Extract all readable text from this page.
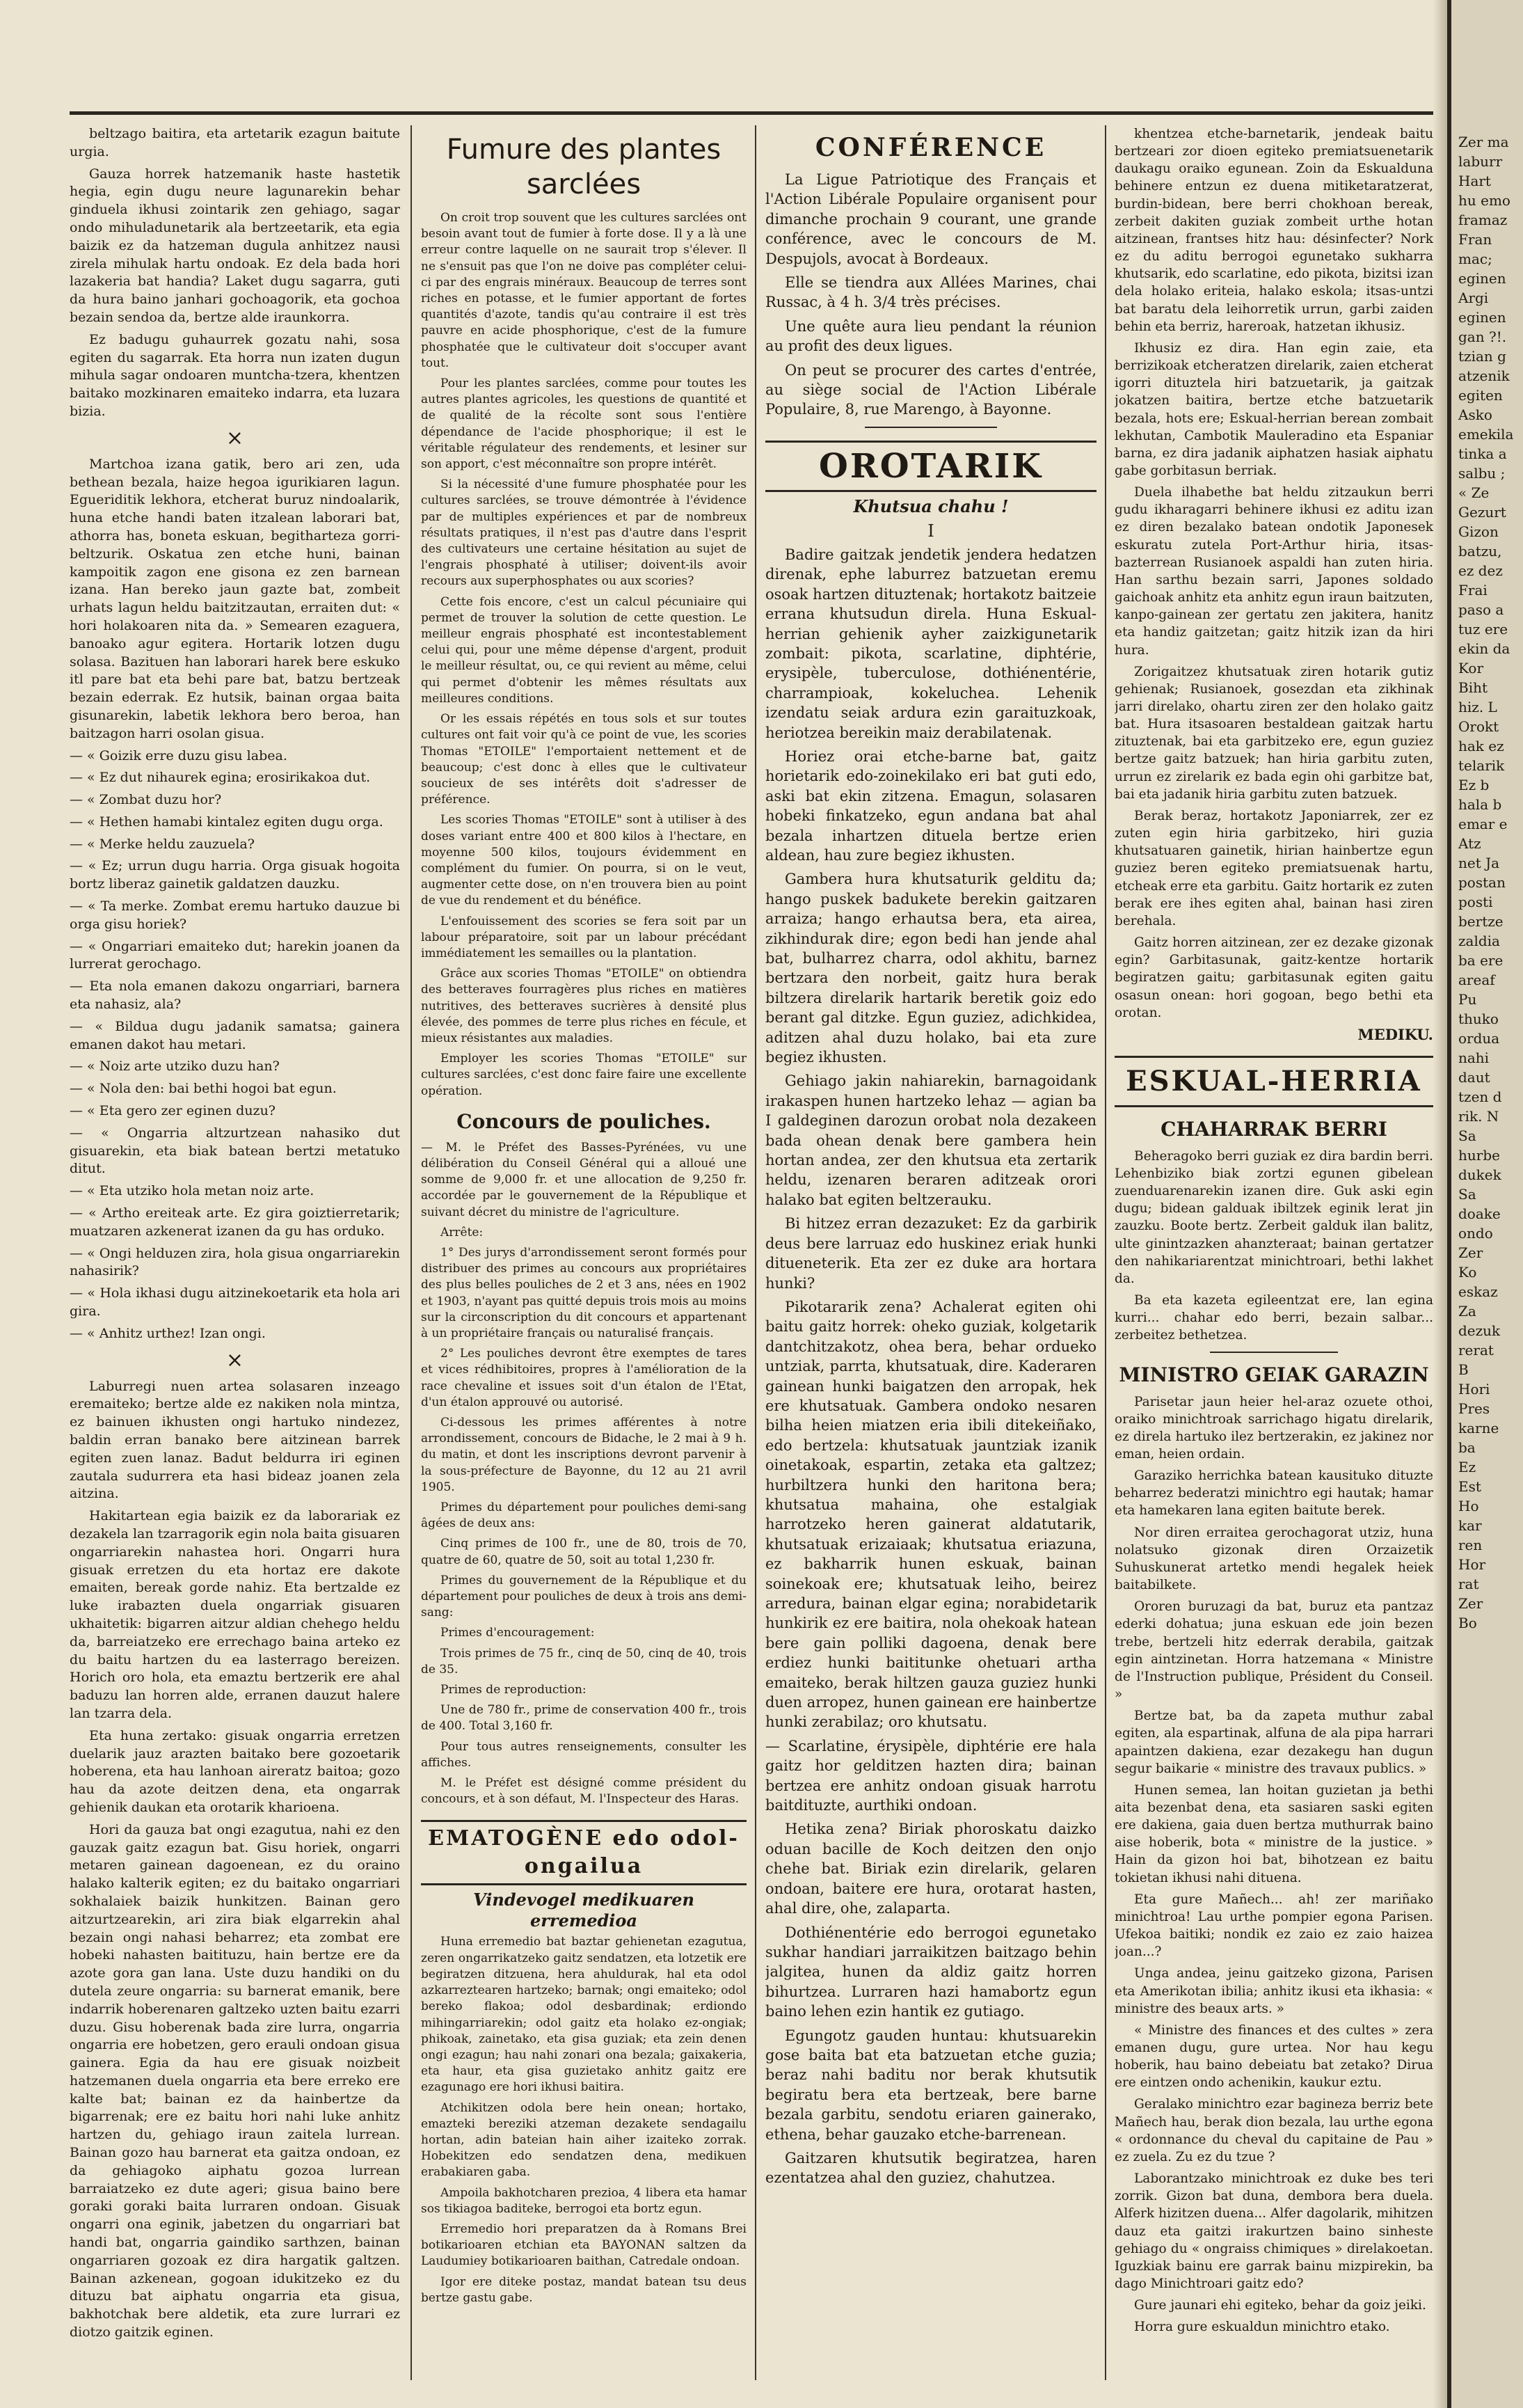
beltzago baitira, eta artetarik ezagun baitute urgia.

Gauza horrek hatzemanik haste hastetik hegia, egin dugu neure lagunarekin behar ginduela ikhusi zointarik zen gehiago, sagar ondo mihuladunetarik ala bertzeetarik, eta egia baizik ez da hatzeman dugula anhitzez nausi zirela mihulak hartu ondoak. Ez dela bada hori lazakeria bat handia? Laket dugu sagarra, guti da hura baino janhari gochoagorik, eta gochoa bezain sendoa da, bertze alde iraunkorra.

Ez badugu guhaurrek gozatu nahi, sosa egiten du sagarrak. Eta horra nun izaten dugun mihula sagar ondoaren muntcha-tzera, khentzen baitako mozkinaren emaiteko indarra, eta luzara bizia.

×

Martchoa izana gatik, bero ari zen, uda bethean bezala, haize hegoa igurikiaren lagun. Egueriditik lekhora, etcherat buruz nindoalarik, huna etche handi baten itzalean laborari bat, athorra has, boneta eskuan, begitharteza gorri-beltzurik. Oskatua zen etche huni, bainan kampoitik zagon ene gisona ez zen barnean izana. Han bereko jaun gazte bat, zombeit urhats lagun heldu baitzitzautan, erraiten dut: « hori holakoaren nita da. » Semearen ezaguera, banoako agur egitera. Hortarik lotzen dugu solasa. Bazituen han laborari harek bere eskuko itl pare bat eta behi pare bat, batzu bertzeak bezain ederrak. Ez hutsik, bainan orgaa baita gisunarekin, labetik lekhora bero beroa, han baitzagon harri osolan gisua.

— « Goizik erre duzu gisu labea.

— « Ez dut nihaurek egina; erosirikakoa dut.

— « Zombat duzu hor?

— « Hethen hamabi kintalez egiten dugu orga.

— « Merke heldu zauzuela?

— « Ez; urrun dugu harria. Orga gisuak hogoita bortz liberaz gainetik galdatzen dauzku.

— « Ta merke. Zombat eremu hartuko dauzue bi orga gisu horiek?

— « Ongarriari emaiteko dut; harekin joanen da lurrerat gerochago.

— Eta nola emanen dakozu ongarriari, barnera eta nahasiz, ala?

— « Bildua dugu jadanik samatsa; gainera emanen dakot hau metari.

— « Noiz arte utziko duzu han?

— « Nola den: bai bethi hogoi bat egun.

— « Eta gero zer eginen duzu?

— « Ongarria altzurtzean nahasiko dut gisuarekin, eta biak batean bertzi metatuko ditut.

— « Eta utziko hola metan noiz arte.

— « Artho ereiteak arte. Ez gira goiztierretarik; muatzaren azkenerat izanen da gu has orduko.

— « Ongi helduzen zira, hola gisua ongarriarekin nahasirik?

— « Hola ikhasi dugu aitzinekoetarik eta hola ari gira.

— « Anhitz urthez! Izan ongi.

×

Laburregi nuen artea solasaren inzeago eremaiteko; bertze alde ez nakiken nola mintza, ez bainuen ikhusten ongi hartuko nindezez, baldin erran banako bere aitzinean barrek egiten zuen lanaz. Badut beldurra iri eginen zautala sudurrera eta hasi bideaz joanen zela aitzina.

Hakitartean egia baizik ez da laborariak ez dezakela lan tzarragorik egin nola baita gisuaren ongarriarekin nahastea hori. Ongarri hura gisuak erretzen du eta hortaz ere dakote emaiten, bereak gorde nahiz. Eta bertzalde ez luke irabazten duela ongarriak gisuaren ukhaitetik: bigarren aitzur aldian chehego heldu da, barreiatzeko ere errechago baina arteko ez du baitu hartzen du ea lasterrago bereizen. Horich oro hola, eta emaztu bertzerik ere ahal baduzu lan horren alde, erranen dauzut halere lan tzarra dela.

Eta huna zertako: gisuak ongarria erretzen duelarik jauz arazten baitako bere gozoetarik hoberena, eta hau lanhoan aireratz baitoa; gozo hau da azote deitzen dena, eta ongarrak gehienik daukan eta orotarik kharioena.

Hori da gauza bat ongi ezagutua, nahi ez den gauzak gaitz ezagun bat. Gisu horiek, ongarri metaren gainean dagoenean, ez du oraino halako kalterik egiten; ez du baitako ongarriari sokhalaiek baizik hunkitzen. Bainan gero aitzurtzearekin, ari zira biak elgarrekin ahal bezain ongi nahasi beharrez; eta zombat ere hobeki nahasten baitituzu, hain bertze ere da azote gora gan lana. Uste duzu handiki on du dutela zeure ongarria: su barnerat emanik, bere indarrik hoberenaren galtzeko uzten baitu ezarri duzu. Gisu hoberenak bada zire lurra, ongarria ongarria ere hobetzen, gero erauli ondoan gisua gainera. Egia da hau ere gisuak noizbeit hatzemanen duela ongarria eta bere erreko ere kalte bat; bainan ez da hainbertze da bigarrenak; ere ez baitu hori nahi luke anhitz hartzen du, gehiago iraun zaitela lurrean. Bainan gozo hau barnerat eta gaitza ondoan, ez da gehiagoko aiphatu gozoa lurrean barraiatzeko ez dute ageri; gisua baino bere goraki goraki baita lurraren ondoan. Gisuak ongarri ona eginik, jabetzen du ongarriari bat handi bat, ongarria gaindiko sarthzen, bainan ongarriaren gozoak ez dira hargatik galtzen. Bainan azkenean, gogoan idukitzeko ez du dituzu bat aiphatu ongarria eta gisua, bakhotchak bere aldetik, eta zure lurrari ez diotzo gaitzik eginen.

Fumure des plantes sarclées

On croit trop souvent que les cultures sarclées ont besoin avant tout de fumier à forte dose. Il y a là une erreur contre laquelle on ne saurait trop s'élever. Il ne s'ensuit pas que l'on ne doive pas compléter celui-ci par des engrais minéraux. Beaucoup de terres sont riches en potasse, et le fumier apportant de fortes quantités d'azote, tandis qu'au contraire il est très pauvre en acide phosphorique, c'est de la fumure phosphatée que le cultivateur doit s'occuper avant tout.

Pour les plantes sarclées, comme pour toutes les autres plantes agricoles, les questions de quantité et de qualité de la récolte sont sous l'entière dépendance de l'acide phosphorique; il est le véritable régulateur des rendements, et lesiner sur son apport, c'est méconnaître son propre intérêt.

Si la nécessité d'une fumure phosphatée pour les cultures sarclées, se trouve démontrée à l'évidence par de multiples expériences et par de nombreux résultats pratiques, il n'est pas d'autre dans l'esprit des cultivateurs une certaine hésitation au sujet de l'engrais phosphaté à utiliser; doivent-ils avoir recours aux superphosphates ou aux scories?

Cette fois encore, c'est un calcul pécuniaire qui permet de trouver la solution de cette question. Le meilleur engrais phosphaté est incontestablement celui qui, pour une même dépense d'argent, produit le meilleur résultat, ou, ce qui revient au même, celui qui permet d'obtenir les mêmes résultats aux meilleures conditions.

Or les essais répétés en tous sols et sur toutes cultures ont fait voir qu'à ce point de vue, les scories Thomas "ETOILE" l'emportaient nettement et de beaucoup; c'est donc à elles que le cultivateur soucieux de ses intérêts doit s'adresser de préférence.

Les scories Thomas "ETOILE" sont à utiliser à des doses variant entre 400 et 800 kilos à l'hectare, en moyenne 500 kilos, toujours évidemment en complément du fumier. On pourra, si on le veut, augmenter cette dose, on n'en trouvera bien au point de vue du rendement et du bénéfice.

L'enfouissement des scories se fera soit par un labour préparatoire, soit par un labour précédant immédiatement les semailles ou la plantation.

Grâce aux scories Thomas "ETOILE" on obtiendra des betteraves fourragères plus riches en matières nutritives, des betteraves sucrières à densité plus élevée, des pommes de terre plus riches en fécule, et mieux résistantes aux maladies.

Employer les scories Thomas "ETOILE" sur cultures sarclées, c'est donc faire faire une excellente opération.

Concours de pouliches.

— M. le Préfet des Basses-Pyrénées, vu une délibération du Conseil Général qui a alloué une somme de 9,000 fr. et une allocation de 9,250 fr. accordée par le gouvernement de la République et suivant décret du ministre de l'agriculture.

Arrête:

1° Des jurys d'arrondissement seront formés pour distribuer des primes au concours aux propriétaires des plus belles pouliches de 2 et 3 ans, nées en 1902 et 1903, n'ayant pas quitté depuis trois mois au moins sur la circonscription du dit concours et appartenant à un propriétaire français ou naturalisé français.

2° Les pouliches devront être exemptes de tares et vices rédhibitoires, propres à l'amélioration de la race chevaline et issues soit d'un étalon de l'Etat, d'un étalon approuvé ou autorisé.

Ci-dessous les primes afférentes à notre arrondissement, concours de Bidache, le 2 mai à 9 h. du matin, et dont les inscriptions devront parvenir à la sous-préfecture de Bayonne, du 12 au 21 avril 1905.

Primes du département pour pouliches demi-sang âgées de deux ans:

Cinq primes de 100 fr., une de 80, trois de 70, quatre de 60, quatre de 50, soit au total 1,230 fr.

Primes du gouvernement de la République et du département pour pouliches de deux à trois ans demi-sang:

Primes d'encouragement:

Trois primes de 75 fr., cinq de 50, cinq de 40, trois de 35.

Primes de reproduction:

Une de 780 fr., prime de conservation 400 fr., trois de 400. Total 3,160 fr.

Pour tous autres renseignements, consulter les affiches.

M. le Préfet est désigné comme président du concours, et à son défaut, M. l'Inspecteur des Haras.

EMATOGÈNE edo odol-ongailua
Vindevogel medikuaren erremedioa

Huna erremedio bat baztar gehienetan ezagutua, zeren ongarrikatzeko gaitz sendatzen, eta lotzetik ere begiratzen ditzuena, hera ahuldurak, hal eta odol azkarreztearen hartzeko; barnak; ongi emaiteko; odol bereko flakoa; odol desbardinak; erdiondo mihingarriarekin; odol gaitz eta holako ez-ongiak; phikoak, zainetako, eta gisa guziak; eta zein denen ongi ezagun; hau nahi zonari ona bezala; gaixakeria, eta haur, eta gisa guzietako anhitz gaitz ere ezagunago ere hori ikhusi baitira.

Atchikitzen odola bere hein onean; hortako, emazteki bereziki atzeman dezakete sendagailu hortan, adin bateian hain aiher izaiteko zorrak. Hobekitzen edo sendatzen dena, medikuen erabakiaren gaba.

Ampoila bakhotcharen prezioa, 4 libera eta hamar sos tikiagoa baditeke, berrogoi eta bortz egun.

Erremedio hori preparatzen da à Romans Brei botikarioaren etchian eta BAYONAN saltzen da Laudumiey botikarioaren baithan, Catredale ondoan.

Igor ere diteke postaz, mandat batean tsu deus bertze gastu gabe.

CONFÉRENCE

La Ligue Patriotique des Français et l'Action Libérale Populaire organisent pour dimanche prochain 9 courant, une grande conférence, avec le concours de M. Despujols, avocat à Bordeaux.

Elle se tiendra aux Allées Marines, chai Russac, à 4 h. 3/4 très précises.

Une quête aura lieu pendant la réunion au profit des deux ligues.

On peut se procurer des cartes d'entrée, au siège social de l'Action Libérale Populaire, 8, rue Marengo, à Bayonne.

OROTARIK
Khutsua chahu !
I

Badire gaitzak jendetik jendera hedatzen direnak, ephe laburrez batzuetan eremu osoak hartzen dituztenak; hortakotz baitzeie errana khutsudun direla. Huna Eskual-herrian gehienik ayher zaizkigunetarik zombait: pikota, scarlatine, diphtérie, erysipèle, tuberculose, dothiénentérie, charrampioak, kokeluchea. Lehenik izendatu seiak ardura ezin garaituzkoak, heriotzea bereikin maiz derabilatenak.

Horiez orai etche-barne bat, gaitz horietarik edo-zoinekilako eri bat guti edo, aski bat ekin zitzena. Emagun, solasaren hobeki finkatzeko, egun andana bat ahal bezala inhartzen dituela bertze erien aldean, hau zure begiez ikhusten.

Gambera hura khutsaturik gelditu da; hango puskek badukete berekin gaitzaren arraiza; hango erhautsa bera, eta airea, zikhindurak dire; egon bedi han jende ahal bat, bulharrez charra, odol akhitu, barnez bertzara den norbeit, gaitz hura berak biltzera direlarik hartarik beretik goiz edo berant gal ditzke. Egun guziez, adichkidea, aditzen ahal duzu holako, bai eta zure begiez ikhusten.

Gehiago jakin nahiarekin, barnagoidank irakaspen hunen hartzeko lehaz — agian ba I galdeginen darozun orobat nola dezakeen bada ohean denak bere gambera hein hortan andea, zer den khutsua eta zertarik heldu, izenaren beraren aditzeak orori halako bat egiten beltzerauku.

Bi hitzez erran dezazuket: Ez da garbirik deus bere larruaz edo huskinez eriak hunki ditueneterik. Eta zer ez duke ara hortara hunki?

Pikotararik zena? Achalerat egiten ohi baitu gaitz horrek: oheko guziak, kolgetarik dantchitzakotz, ohea bera, behar ordueko untziak, parrta, khutsatuak, dire. Kaderaren gainean hunki baigatzen den arropak, hek ere khutsatuak. Gambera ondoko nesaren bilha heien miatzen eria ibili ditekeiñako, edo bertzela: khutsatuak jauntziak izanik oinetakoak, espartin, zetaka eta galtzez; hurbiltzera hunki den haritona bera; khutsatua mahaina, ohe estalgiak harrotzeko heren gainerat aldatutarik, khutsatuak erizaiaak; khutsatua eriazuna, ez bakharrik hunen eskuak, bainan soinekoak ere; khutsatuak leiho, beirez arredura, bainan elgar egina; norabidetarik hunkirik ez ere baitira, nola ohekoak hatean bere gain polliki dagoena, denak bere erdiez hunki baititunke ohetuari artha emaiteko, berak hiltzen gauza guziez hunki duen arropez, hunen gainean ere hainbertze hunki zerabilaz; oro khutsatu.

— Scarlatine, érysipèle, diphtérie ere hala gaitz hor gelditzen hazten dira; bainan bertzea ere anhitz ondoan gisuak harrotu baitdituzte, aurthiki ondoan.

Hetika zena? Biriak phoroskatu daizko oduan bacille de Koch deitzen den onjo chehe bat. Biriak ezin direlarik, gelaren ondoan, baitere ere hura, orotarat hasten, ahal dire, ohe, zalaparta.

Dothiénentérie edo berrogoi egunetako sukhar handiari jarraikitzen baitzago behin jalgitea, hunen da aldiz gaitz horren bihurtzea. Lurraren hazi hamabortz egun baino lehen ezin hantik ez gutiago.

Egungotz gauden huntau: khutsuarekin gose baita bat eta batzuetan etche guzia; beraz nahi baditu nor berak khutsutik begiratu bera eta bertzeak, bere barne bezala garbitu, sendotu eriaren gainerako, ethena, behar gauzako etche-barrenean.

Gaitzaren khutsutik begiratzea, haren ezentatzea ahal den guziez, chahutzea.

khentzea etche-barnetarik, jendeak baitu bertzeari zor dioen egiteko premiatsuenetarik daukagu oraiko egunean. Zoin da Eskualduna behinere entzun ez duena mitiketaratzerat, burdin-bidean, bere berri chokhoan bereak, zerbeit dakiten guziak zombeit urthe hotan aitzinean, frantses hitz hau: désinfecter? Nork ez du aditu berrogoi egunetako sukharra khutsarik, edo scarlatine, edo pikota, bizitsi izan dela holako eriteia, halako eskola; itsas-untzi bat baratu dela leihorretik urrun, garbi zaiden behin eta berriz, hareroak, hatzetan ikhusiz.

Ikhusiz ez dira. Han egin zaie, eta berrizikoak etcheratzen direlarik, zaien etcherat igorri dituztela hiri batzuetarik, ja gaitzak jokatzen baitira, bertze etche batzuetarik bezala, hots ere; Eskual-herrian berean zombait lekhutan, Cambotik Mauleradino eta Espaniar barna, ez dira jadanik aiphatzen hasiak aiphatu gabe gorbitasun berriak.

Duela ilhabethe bat heldu zitzaukun berri gudu ikharagarri behinere ikhusi ez aditu izan ez diren bezalako batean ondotik Japonesek eskuratu zutela Port-Arthur hiria, itsas-bazterrean Rusianoek aspaldi han zuten hiria. Han sarthu bezain sarri, Japones soldado gaichoak anhitz eta anhitz egun iraun baitzuten, kanpo-gainean zer gertatu zen jakitera, hanitz eta handiz gaitzetan; gaitz hitzik izan da hiri hura.

Zorigaitzez khutsatuak ziren hotarik gutiz gehienak; Rusianoek, gosezdan eta zikhinak jarri direlako, ohartu ziren zer den holako gaitz bat. Hura itsasoaren bestaldean gaitzak hartu zituztenak, bai eta garbitzeko ere, egun guziez bertze gaitz batzuek; han hiria garbitu zuten, urrun ez zirelarik ez bada egin ohi garbitze bat, bai eta jadanik hiria garbitu zuten batzuek.

Berak beraz, hortakotz Japoniarrek, zer ez zuten egin hiria garbitzeko, hiri guzia khutsatuaren gainetik, hirian hainbertze egun guziez beren egiteko premiatsuenak hartu, etcheak erre eta garbitu. Gaitz hortarik ez zuten berak ere ihes egiten ahal, bainan hasi ziren berehala.

Gaitz horren aitzinean, zer ez dezake gizonak egin? Garbitasunak, gaitz-kentze hortarik begiratzen gaitu; garbitasunak egiten gaitu osasun onean: hori gogoan, bego bethi eta orotan.

MEDIKU.
ESKUAL-HERRIA
CHAHARRAK BERRI

Beheragoko berri guziak ez dira bardin berri. Lehenbiziko biak zortzi egunen gibelean zuenduarenarekin izanen dire. Guk aski egin dugu; bidean galduak ibiltzek eginik lerat jin zauzku. Boote bertz. Zerbeit galduk ilan balitz, ulte ginintzazken ahanzteraat; bainan gertatzer den nahikariarentzat minichtroari, bethi lakhet da.

Ba eta kazeta egileentzat ere, lan egina kurri... chahar edo berri, bezain salbar... zerbeitez bethetzea.

MINISTRO GEIAK GARAZIN

Parisetar jaun heier hel-araz ozuete othoi, oraiko minichtroak sarrichago higatu direlarik, ez direla hartuko ilez bertzerakin, ez jakinez nor eman, heien ordain.

Garaziko herrichka batean kausituko dituzte beharrez bederatzi minichtro egi hautak; hamar eta hamekaren lana egiten baitute berek.

Nor diren erraitea gerochagorat utziz, huna nolatsuko gizonak diren Orzaizetik Suhuskunerat artetko mendi hegalek heiek baitabilkete.

Ororen buruzagi da bat, buruz eta pantzaz ederki dohatua; juna eskuan ede join bezen trebe, bertzeli hitz ederrak derabila, gaitzak egin aintzinetan. Horra hatzemana « Ministre de l'Instruction publique, Président du Conseil. »

Bertze bat, ba da zapeta muthur zabal egiten, ala espartinak, alfuna de ala pipa harrari apaintzen dakiena, ezar dezakegu han dugun segur baikarie « ministre des travaux publics. »

Hunen semea, lan hoitan guzietan ja bethi aita bezenbat dena, eta sasiaren saski egiten ere dakiena, gaia duen bertza muthurrak baino aise hoberik, bota « ministre de la justice. » Hain da gizon hoi bat, bihotzean ez baitu tokietan ikhusi nahi dituena.

Eta gure Mañech... ah! zer mariñako minichtroa! Lau urthe pompier egona Parisen. Ufekoa baitiki; nondik ez zaio ez zaio haizea joan...?

Unga andea, jeinu gaitzeko gizona, Parisen eta Amerikotan ibilia; anhitz ikusi eta ikhasia: « ministre des beaux arts. »

« Ministre des finances et des cultes » zera emanen dugu, gure urtea. Nor hau kegu hoberik, hau baino debeiatu bat zetako? Dirua ere eintzen ondo achenikin, kaukur eztu.

Geralako minichtro ezar bagineza berriz bete Mañech hau, berak dion bezala, lau urthe egona « ordonnance du cheval du capitaine de Pau » ez zuela. Zu ez du tzue ?

Laborantzako minichtroak ez duke bes teri zorrik. Gizon bat duna, dembora bera duela. Alferk hizitzen duena... Alfer dagolarik, mihitzen dauz eta gaitzi irakurtzen baino sinheste gehiago du « ongraiss chimiques » direlakoetan. Iguzkiak bainu ere garrak bainu mizpirekin, ba dago Minichtroari gaitz edo?

Gure jaunari ehi egiteko, behar da goiz jeiki.

Horra gure eskualdun minichtro etako.

Zer ma

laburr

Hart

hu emo

framaz

Fran

mac;

eginen

Argi

eginen

gan ?!.

tzian g

atzenik

egiten

Asko

emekila

tinka a

salbu ;

« Ze

Gezurt

Gizon

batzu,

ez dez

Frai

paso a

tuz ere

ekin da

Kor

Biht

hiz. L

Orokt

hak ez

telarik

Ez b

hala b

emar e

Atz

net Ja

postan

posti

bertze

zaldia

ba ere

areaf

Pu

thuko

ordua

nahi

daut

tzen d

rik. N

Sa

hurbe

dukek

Sa

doake

ondo

Zer

Ko

eskaz

Za

dezuk

rerat

B

Hori

Pres

karne

ba

Ez

Est

Ho

kar

ren

Hor

rat

Zer

Bo
